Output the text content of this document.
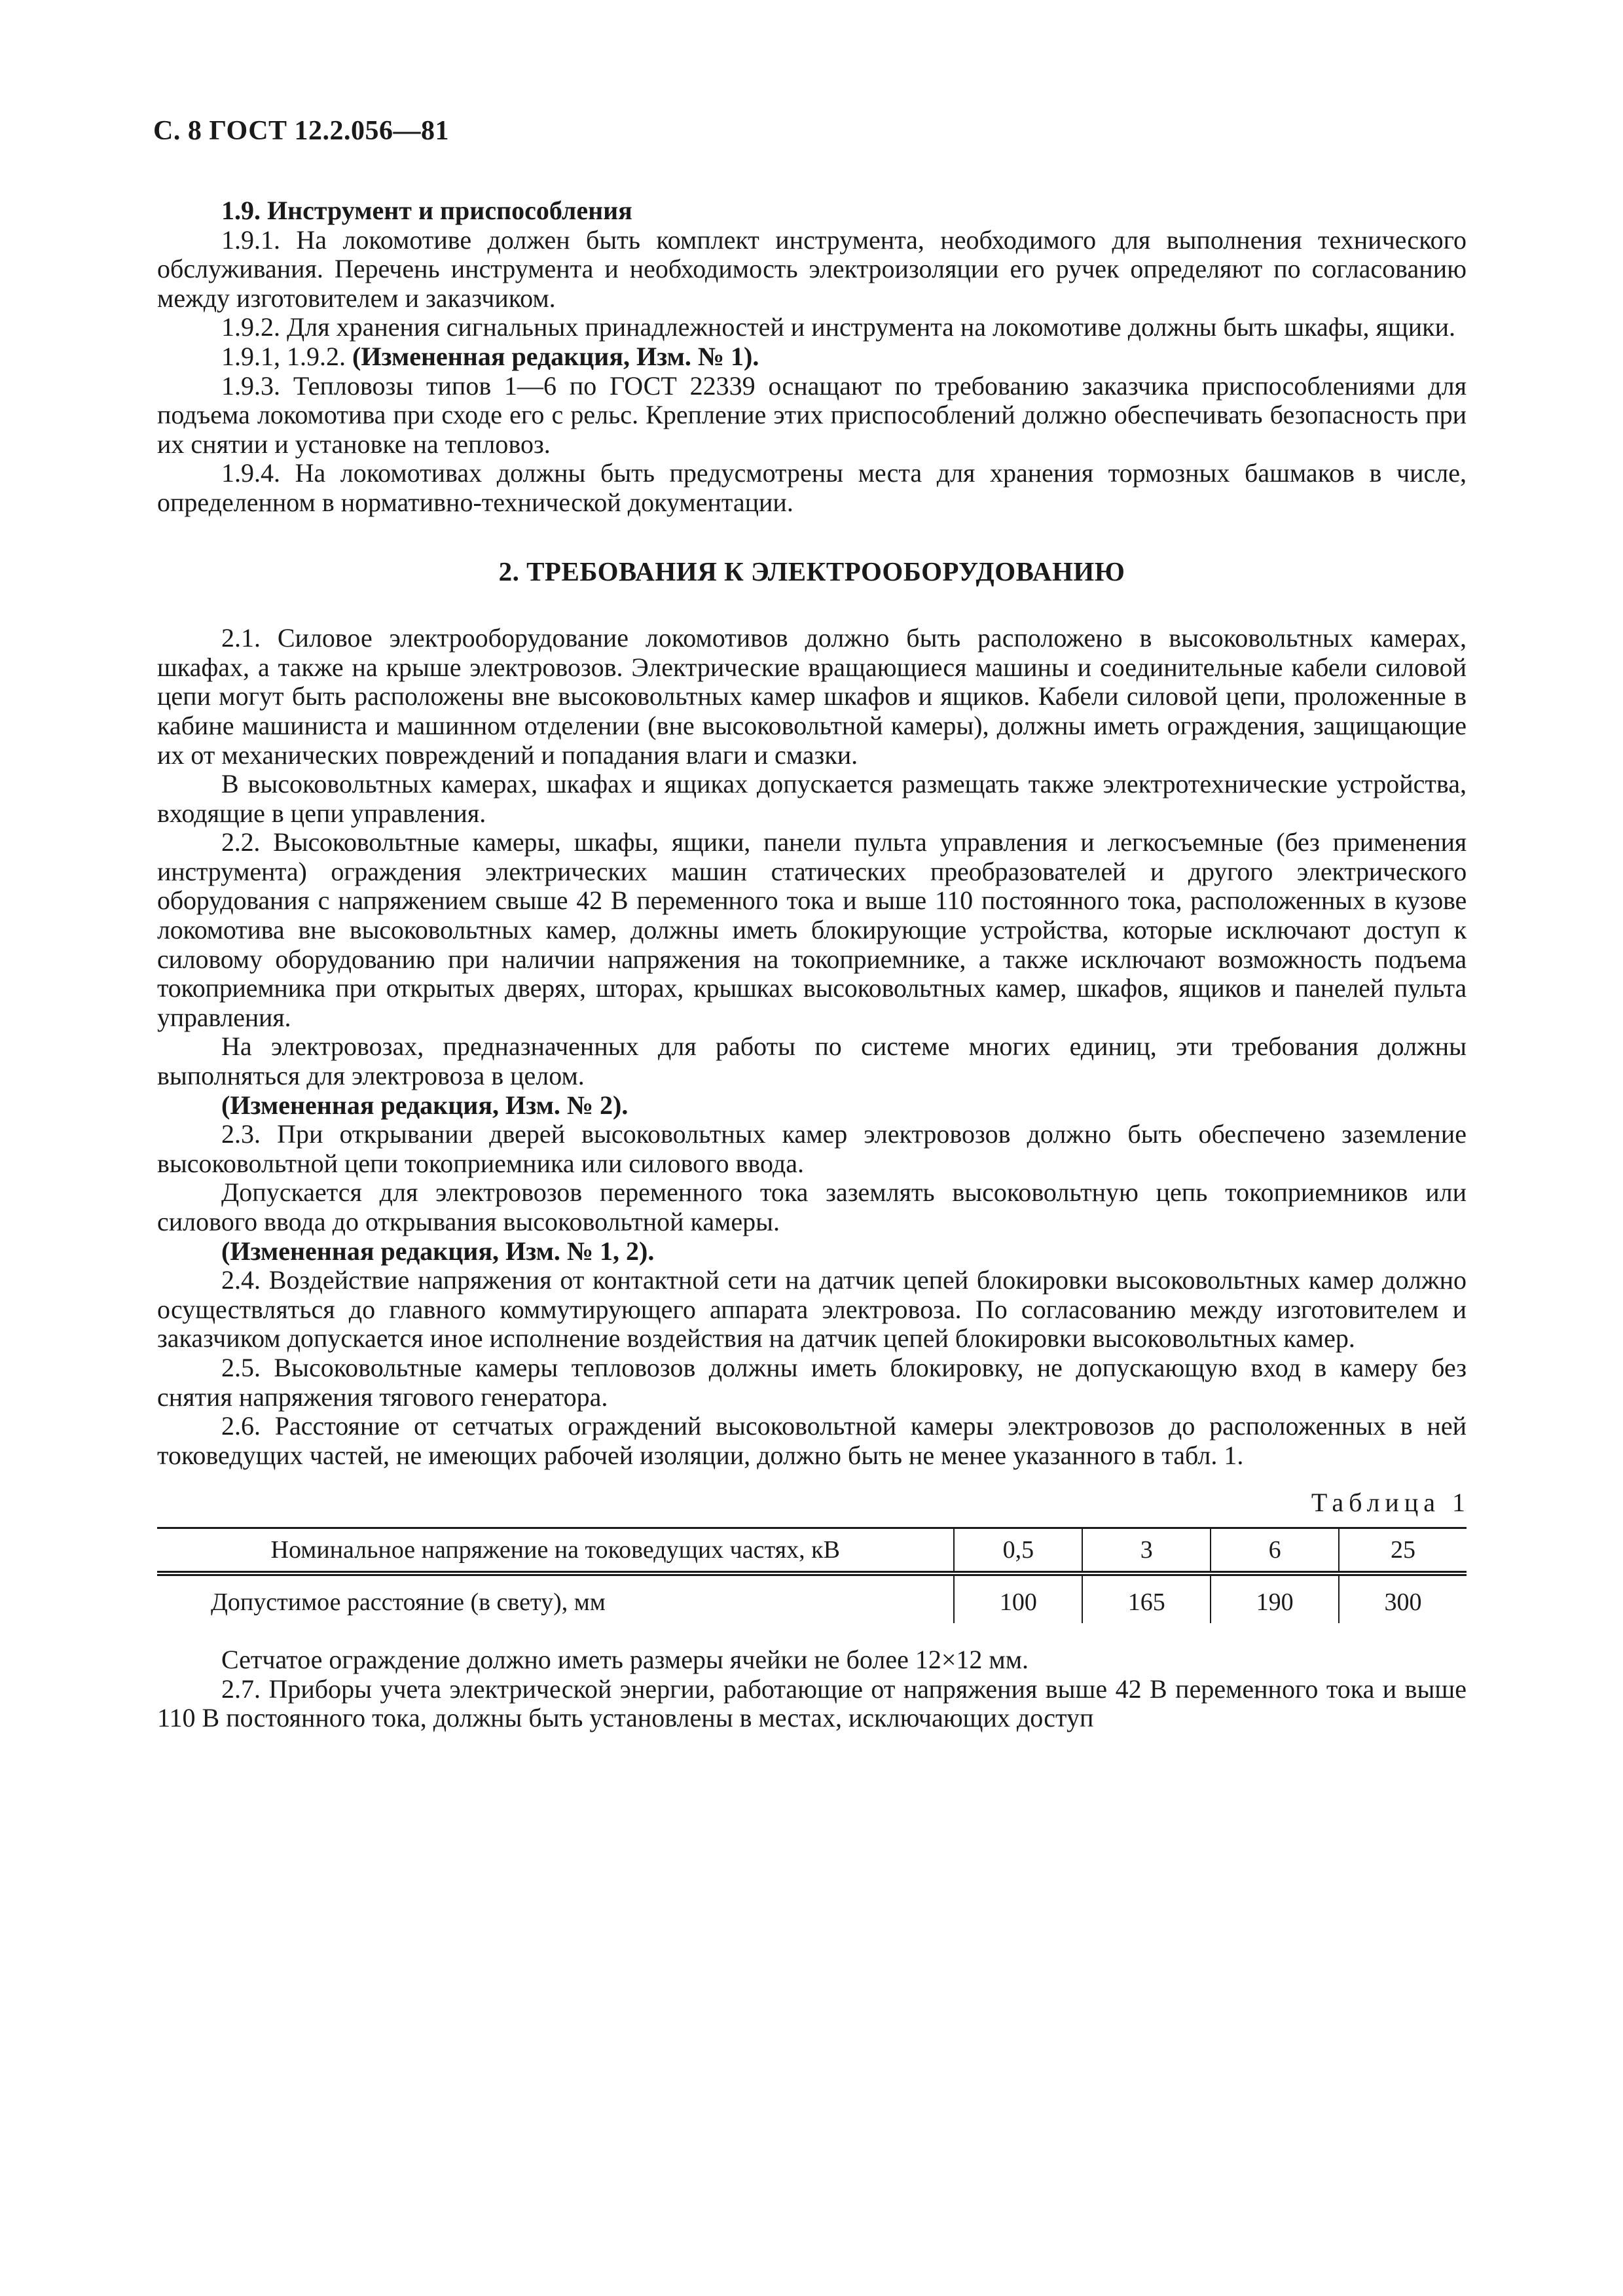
С. 8 ГОСТ 12.2.056—81

1.9. Инструмент и приспособления

1.9.1. На локомотиве должен быть комплект инструмента, необходимого для выполнения технического обслуживания. Перечень инструмента и необходимость электроизоляции его ручек определяют по согласованию между изготовителем и заказчиком.

1.9.2. Для хранения сигнальных принадлежностей и инструмента на локомотиве должны быть шкафы, ящики.

1.9.1, 1.9.2. (Измененная редакция, Изм. № 1).

1.9.3. Тепловозы типов 1—6 по ГОСТ 22339 оснащают по требованию заказчика приспособлениями для подъема локомотива при сходе его с рельс. Крепление этих приспособлений должно обеспечивать безопасность при их снятии и установке на тепловоз.

1.9.4. На локомотивах должны быть предусмотрены места для хранения тормозных башмаков в числе, определенном в нормативно-технической документации.

2. ТРЕБОВАНИЯ К ЭЛЕКТРООБОРУДОВАНИЮ

2.1. Силовое электрооборудование локомотивов должно быть расположено в высоковольтных камерах, шкафах, а также на крыше электровозов. Электрические вращающиеся машины и соединительные кабели силовой цепи могут быть расположены вне высоковольтных камер шкафов и ящиков. Кабели силовой цепи, проложенные в кабине машиниста и машинном отделении (вне высоковольтной камеры), должны иметь ограждения, защищающие их от механических повреждений и попадания влаги и смазки.

В высоковольтных камерах, шкафах и ящиках допускается размещать также электротехнические устройства, входящие в цепи управления.

2.2. Высоковольтные камеры, шкафы, ящики, панели пульта управления и легкосъемные (без применения инструмента) ограждения электрических машин статических преобразователей и другого электрического оборудования с напряжением свыше 42 В переменного тока и выше 110 постоянного тока, расположенных в кузове локомотива вне высоковольтных камер, должны иметь блокирующие устройства, которые исключают доступ к силовому оборудованию при наличии напряжения на токоприемнике, а также исключают возможность подъема токоприемника при открытых дверях, шторах, крышках высоковольтных камер, шкафов, ящиков и панелей пульта управления.

На электровозах, предназначенных для работы по системе многих единиц, эти требования должны выполняться для электровоза в целом.

(Измененная редакция, Изм. № 2).

2.3. При открывании дверей высоковольтных камер электровозов должно быть обеспечено заземление высоковольтной цепи токоприемника или силового ввода.

Допускается для электровозов переменного тока заземлять высоковольтную цепь токоприемников или силового ввода до открывания высоковольтной камеры.

(Измененная редакция, Изм. № 1, 2).

2.4. Воздействие напряжения от контактной сети на датчик цепей блокировки высоковольтных камер должно осуществляться до главного коммутирующего аппарата электровоза. По согласованию между изготовителем и заказчиком допускается иное исполнение воздействия на датчик цепей блокировки высоковольтных камер.

2.5. Высоковольтные камеры тепловозов должны иметь блокировку, не допускающую вход в камеру без снятия напряжения тягового генератора.

2.6. Расстояние от сетчатых ограждений высоковольтной камеры электровозов до расположенных в ней токоведущих частей, не имеющих рабочей изоляции, должно быть не менее указанного в табл. 1.

Таблица 1

Номинальное напряжение на токоведущих частях, кВ	0,5	3	6	25
Допустимое расстояние (в свету), мм	100	165	190	300

Сетчатое ограждение должно иметь размеры ячейки не более 12×12 мм.

2.7. Приборы учета электрической энергии, работающие от напряжения выше 42 В переменного тока и выше 110 В постоянного тока, должны быть установлены в местах, исключающих доступ
